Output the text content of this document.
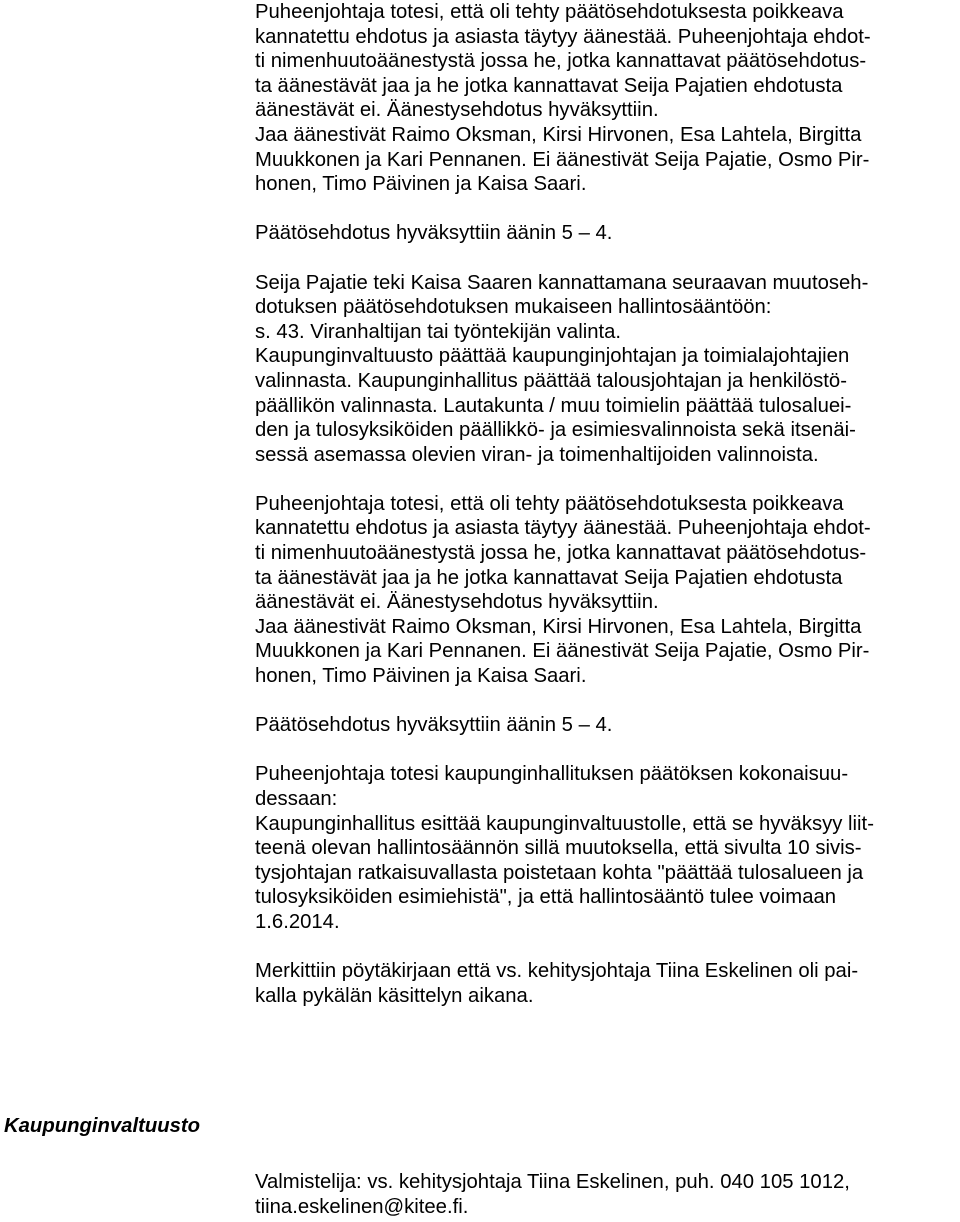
Puheenjohtaja totesi, että oli tehty päätösehdotuksesta poikkeava
kannatettu ehdotus ja asiasta täytyy äänestää. Puheenjohtaja ehdot-
ti nimenhuutoäänestystä jossa he, jotka kannattavat päätösehdotus-
ta äänestävät jaa ja he jotka kannattavat Seija Pajatien ehdotusta
äänestävät ei. Äänestysehdotus hyväksyttiin.
Jaa äänestivät Raimo Oksman, Kirsi Hirvonen, Esa Lahtela, Birgitta
Muukkonen ja Kari Pennanen. Ei äänestivät Seija Pajatie, Osmo Pir-
honen, Timo Päivinen ja Kaisa Saari.
Päätösehdotus hyväksyttiin äänin 5 – 4.
Seija Pajatie teki Kaisa Saaren kannattamana seuraavan muutoseh-
dotuksen päätösehdotuksen mukaiseen hallintosääntöön:
s. 43. Viranhaltijan tai työntekijän valinta.
Kaupunginvaltuusto päättää kaupunginjohtajan ja toimialajohtajien
valinnasta. Kaupunginhallitus päättää talousjohtajan ja henkilöstö-
päällikön valinnasta. Lautakunta / muu toimielin päättää tulosaluei-
den ja tulosyksiköiden päällikkö- ja esimiesvalinnoista sekä itsenäi-
sessä asemassa olevien viran- ja toimenhaltijoiden valinnoista.
Puheenjohtaja totesi, että oli tehty päätösehdotuksesta poikkeava
kannatettu ehdotus ja asiasta täytyy äänestää. Puheenjohtaja ehdot-
ti nimenhuutoäänestystä jossa he, jotka kannattavat päätösehdotus-
ta äänestävät jaa ja he jotka kannattavat Seija Pajatien ehdotusta
äänestävät ei. Äänestysehdotus hyväksyttiin.
Jaa äänestivät Raimo Oksman, Kirsi Hirvonen, Esa Lahtela, Birgitta
Muukkonen ja Kari Pennanen. Ei äänestivät Seija Pajatie, Osmo Pir-
honen, Timo Päivinen ja Kaisa Saari.
Päätösehdotus hyväksyttiin äänin 5 – 4.
Puheenjohtaja totesi kaupunginhallituksen päätöksen kokonaisuu-
dessaan:
Kaupunginhallitus esittää kaupunginvaltuustolle, että se hyväksyy liit-
teenä olevan hallintosäännön sillä muutoksella, että sivulta 10 sivis-
tysjohtajan ratkaisuvallasta poistetaan kohta "päättää tulosalueen ja
tulosyksiköiden esimiehistä", ja että hallintosääntö tulee voimaan
1.6.2014.
Merkittiin pöytäkirjaan että vs. kehitysjohtaja Tiina Eskelinen oli pai-
kalla pykälän käsittelyn aikana.
Kaupunginvaltuusto
Valmistelija: vs. kehitysjohtaja Tiina Eskelinen, puh. 040 105 1012,
tiina.eskelinen@kitee.fi.
